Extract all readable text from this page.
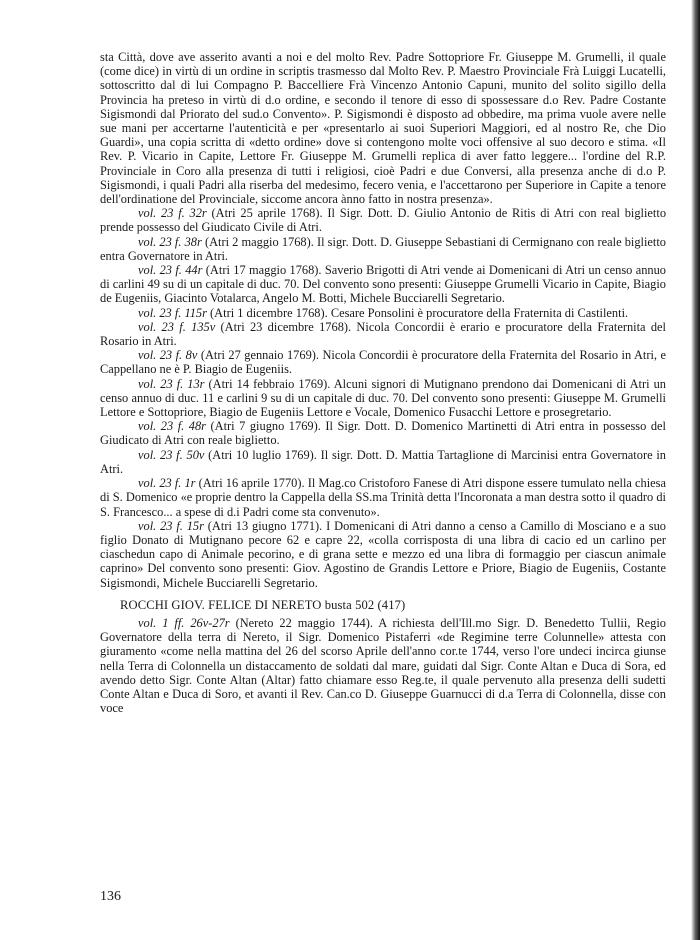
sta Città, dove ave asserito avanti a noi e del molto Rev. Padre Sottopriore Fr. Giuseppe M. Grumelli, il quale (come dice) in virtù di un ordine in scriptis trasmesso dal Molto Rev. P. Maestro Provinciale Frà Luiggi Lucatelli, sottoscritto dal di lui Compagno P. Baccelliere Frà Vincenzo Antonio Capuni, munito del solito sigillo della Provincia ha preteso in virtù di d.o ordine, e secondo il tenore di esso di spossessare d.o Rev. Padre Costante Sigismondi dal Priorato del sud.o Convento». P. Sigismondi è disposto ad obbedire, ma prima vuole avere nelle sue mani per accertarne l'autenticità e per «presentarlo ai suoi Superiori Maggiori, ed al nostro Re, che Dio Guardi», una copia scritta di «detto ordine» dove si contengono molte voci offensive al suo decoro e stima. «Il Rev. P. Vicario in Capite, Lettore Fr. Giuseppe M. Grumelli replica di aver fatto leggere... l'ordine del R.P. Provinciale in Coro alla presenza di tutti i religiosi, cioè Padri e due Conversi, alla presenza anche di d.o P. Sigismondi, i quali Padri alla riserba del medesimo, fecero venia, e l'accettarono per Superiore in Capite a tenore dell'ordinatione del Provinciale, siccome ancora ànno fatto in nostra presenza».

vol. 23 f. 32r (Atri 25 aprile 1768). Il Sigr. Dott. D. Giulio Antonio de Ritis di Atri con real biglietto prende possesso del Giudicato Civile di Atri.

vol. 23 f. 38r (Atri 2 maggio 1768). Il sigr. Dott. D. Giuseppe Sebastiani di Cermignano con reale biglietto entra Governatore in Atri.

vol. 23 f. 44r (Atri 17 maggio 1768). Saverio Brigotti di Atri vende ai Domenicani di Atri un censo annuo di carlini 49 su di un capitale di duc. 70. Del convento sono presenti: Giuseppe Grumelli Vicario in Capite, Biagio de Eugeniis, Giacinto Votalarca, Angelo M. Botti, Michele Bucciarelli Segretario.

vol. 23 f. 115r (Atri 1 dicembre 1768). Cesare Ponsolini è procuratore della Fraternita di Castilenti.

vol. 23 f. 135v (Atri 23 dicembre 1768). Nicola Concordii è erario e procuratore della Fraternita del Rosario in Atri.

vol. 23 f. 8v (Atri 27 gennaio 1769). Nicola Concordii è procuratore della Fraternita del Rosario in Atri, e Cappellano ne è P. Biagio de Eugeniis.

vol. 23 f. 13r (Atri 14 febbraio 1769). Alcuni signori di Mutignano prendono dai Domenicani di Atri un censo annuo di duc. 11 e carlini 9 su di un capitale di duc. 70. Del convento sono presenti: Giuseppe M. Grumelli Lettore e Sottopriore, Biagio de Eugeniis Lettore e Vocale, Domenico Fusacchi Lettore e prosegretario.

vol. 23 f. 48r (Atri 7 giugno 1769). Il Sigr. Dott. D. Domenico Martinetti di Atri entra in possesso del Giudicato di Atri con reale biglietto.

vol. 23 f. 50v (Atri 10 luglio 1769). Il sigr. Dott. D. Mattia Tartaglione di Marcinisi entra Governatore in Atri.

vol. 23 f. 1r (Atri 16 aprile 1770). Il Mag.co Cristoforo Fanese di Atri dispone essere tumulato nella chiesa di S. Domenico «e proprie dentro la Cappella della SS.ma Trinità detta l'Incoronata a man destra sotto il quadro di S. Francesco... a spese di d.i Padri come sta convenuto».

vol. 23 f. 15r (Atri 13 giugno 1771). I Domenicani di Atri danno a censo a Camillo di Mosciano e a suo figlio Donato di Mutignano pecore 62 e capre 22, «colla corrisposta di una libra di cacio ed un carlino per ciaschedun capo di Animale pecorino, e di grana sette e mezzo ed una libra di formaggio per ciascun animale caprino» Del convento sono presenti: Giov. Agostino de Grandis Lettore e Priore, Biagio de Eugeniis, Costante Sigismondi, Michele Bucciarelli Segretario.

ROCCHI GIOV. FELICE DI NERETO busta 502 (417)

vol. 1 ff. 26v-27r (Nereto 22 maggio 1744). A richiesta dell'Ill.mo Sigr. D. Benedetto Tullii, Regio Governatore della terra di Nereto, il Sigr. Domenico Pistaferri «de Regimine terre Colunnelle» attesta con giuramento «come nella mattina del 26 del scorso Aprile dell'anno cor.te 1744, verso l'ore undeci incirca giunse nella Terra di Colonnella un distaccamento de soldati dal mare, guidati dal Sigr. Conte Altan e Duca di Sora, ed avendo detto Sigr. Conte Altan (Altar) fatto chiamare esso Reg.te, il quale pervenuto alla presenza delli sudetti Conte Altan e Duca di Soro, et avanti il Rev. Can.co D. Giuseppe Guarnucci di d.a Terra di Colonnella, disse con voce

136
